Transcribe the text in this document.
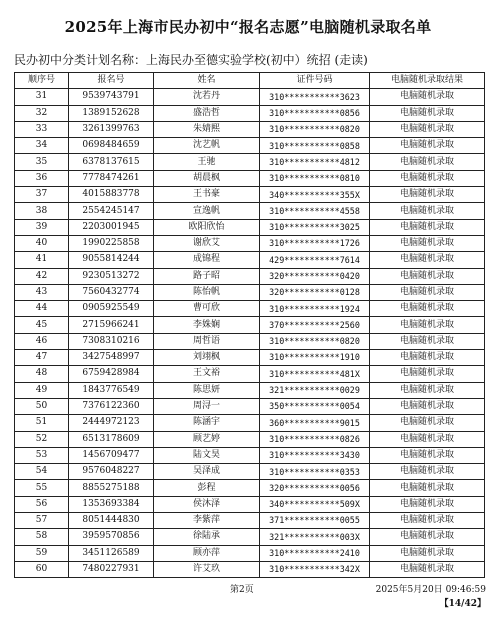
2025年上海市民办初中“报名志愿”电脑随机录取名单
民办初中分类计划名称：上海民办至德实验学校(初中）统招 (走读)
顺序号	报名号	姓名	证件号码	电脑随机录取结果
31	9539743791	沈若丹	310***********3623	电脑随机录取
32	1389152628	盛浩哲	310***********0856	电脑随机录取
33	3261399763	朱婧熙	310***********0820	电脑随机录取
34	0698484659	沈艺帆	310***********0858	电脑随机录取
35	6378137615	王驰	310***********4812	电脑随机录取
36	7778474261	胡晨枫	310***********0810	电脑随机录取
37	4015883778	王书豪	340***********355X	电脑随机录取
38	2554245147	宣逸帆	310***********4558	电脑随机录取
39	2203001945	欧阳欣怡	310***********3025	电脑随机录取
40	1990225858	谢欣艾	310***********1726	电脑随机录取
41	9055814244	成锦程	429***********7614	电脑随机录取
42	9230513272	路子昭	320***********0420	电脑随机录取
43	7560432774	陈怡帆	320***********0128	电脑随机录取
44	0905925549	曹可欣	310***********1924	电脑随机录取
45	2715966241	李姝娴	370***********2560	电脑随机录取
46	7308310216	周哲语	310***********0820	电脑随机录取
47	3427548997	刘翊枫	310***********1910	电脑随机录取
48	6759428984	王文裕	310***********481X	电脑随机录取
49	1843776549	陈思妍	321***********0029	电脑随机录取
50	7376122360	周浔一	350***********0054	电脑随机录取
51	2444972123	陈涵宇	360***********9015	电脑随机录取
52	6513178609	顾艺婷	310***********0826	电脑随机录取
53	1456709477	陆文昊	310***********3430	电脑随机录取
54	9576048227	吴泽成	310***********0353	电脑随机录取
55	8855275188	彭程	320***********0056	电脑随机录取
56	1353693384	侯沐泽	340***********509X	电脑随机录取
57	8051444830	李紫萍	371***********0055	电脑随机录取
58	3959570856	徐陆承	321***********003X	电脑随机录取
59	3451126589	顾亦萍	310***********2410	电脑随机录取
60	7480227931	许艾玖	310***********342X	电脑随机录取
第2页	2025年5月20日 09:46:59
【14/42】
